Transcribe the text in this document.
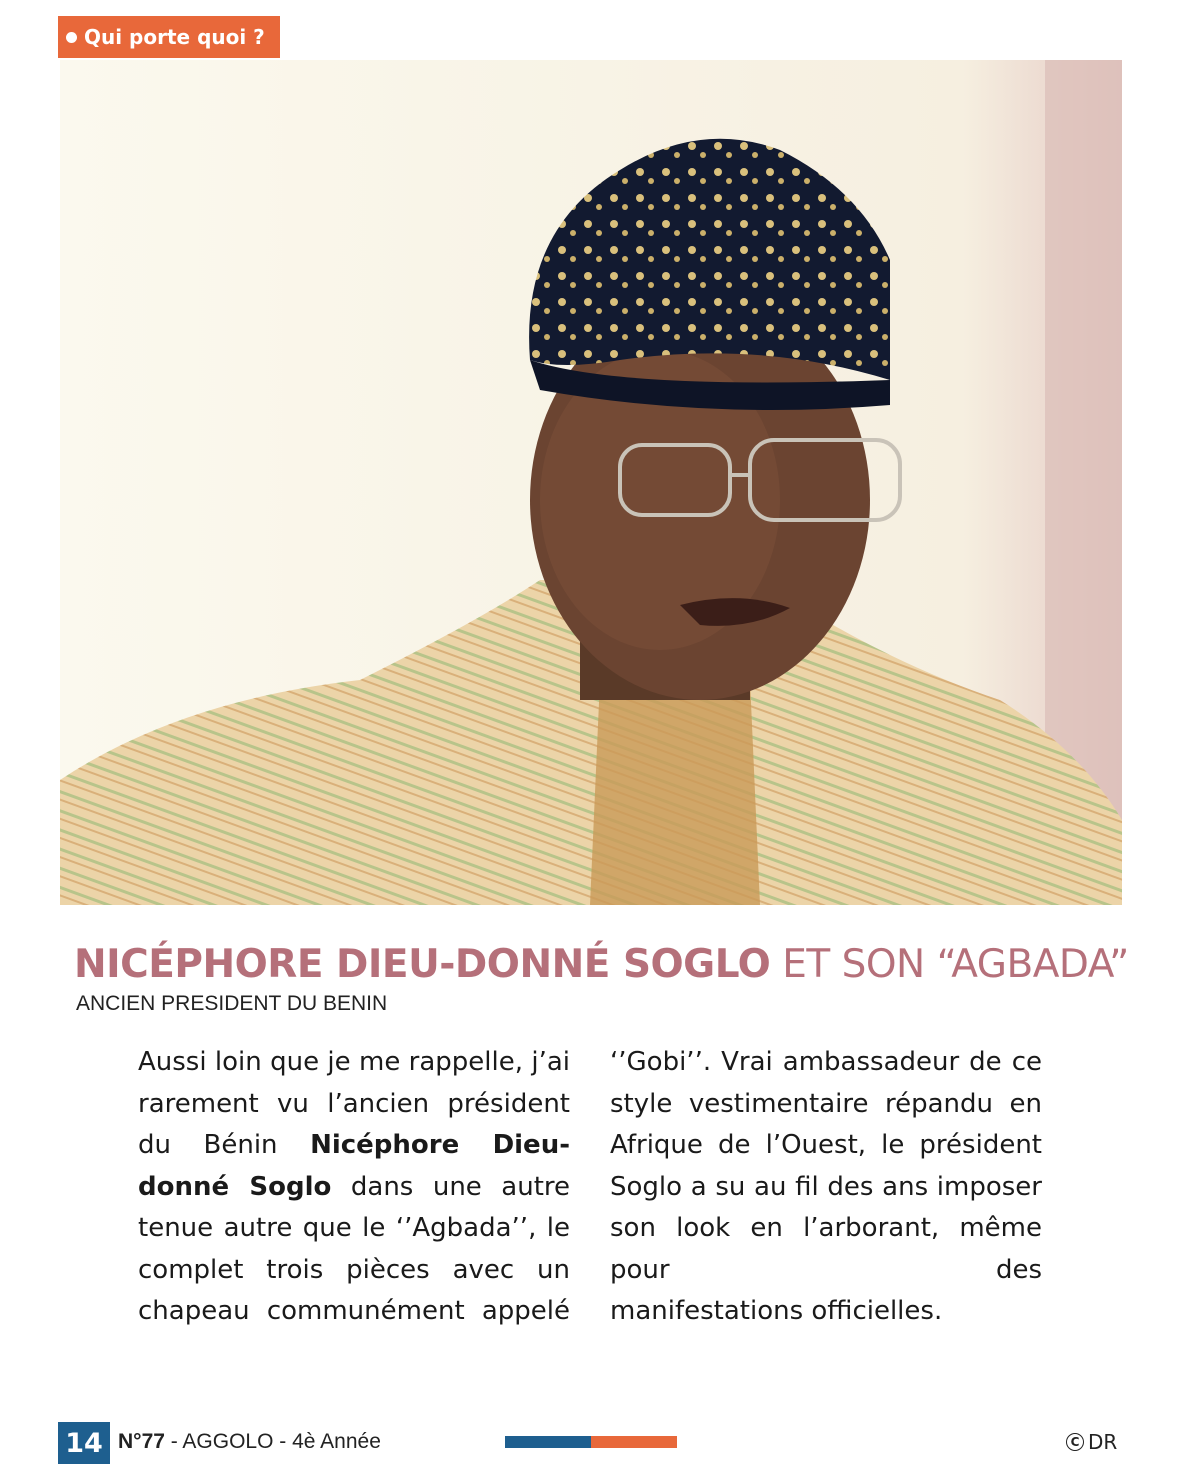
Qui porte quoi ?
NICÉPHORE DIEU-DONNÉ SOGLO ET SON “AGBADA”
ANCIEN PRESIDENT DU BENIN
Aussi loin que je me rappelle, j’ai rarement vu l’ancien président du Bénin Nicéphore Dieu-donné Soglo dans une autre tenue autre que le ‘’Agbada’’, le complet trois pièces avec un chapeau communément appelé
‘’Gobi’’. Vrai ambassadeur de ce style vestimentaire répandu en Afrique de l’Ouest, le président Soglo a su au fil des ans imposer son look en l’arborant, même pour des
manifestations officielles.
14 N°77 - AGGOLO - 4è Année	C DR
